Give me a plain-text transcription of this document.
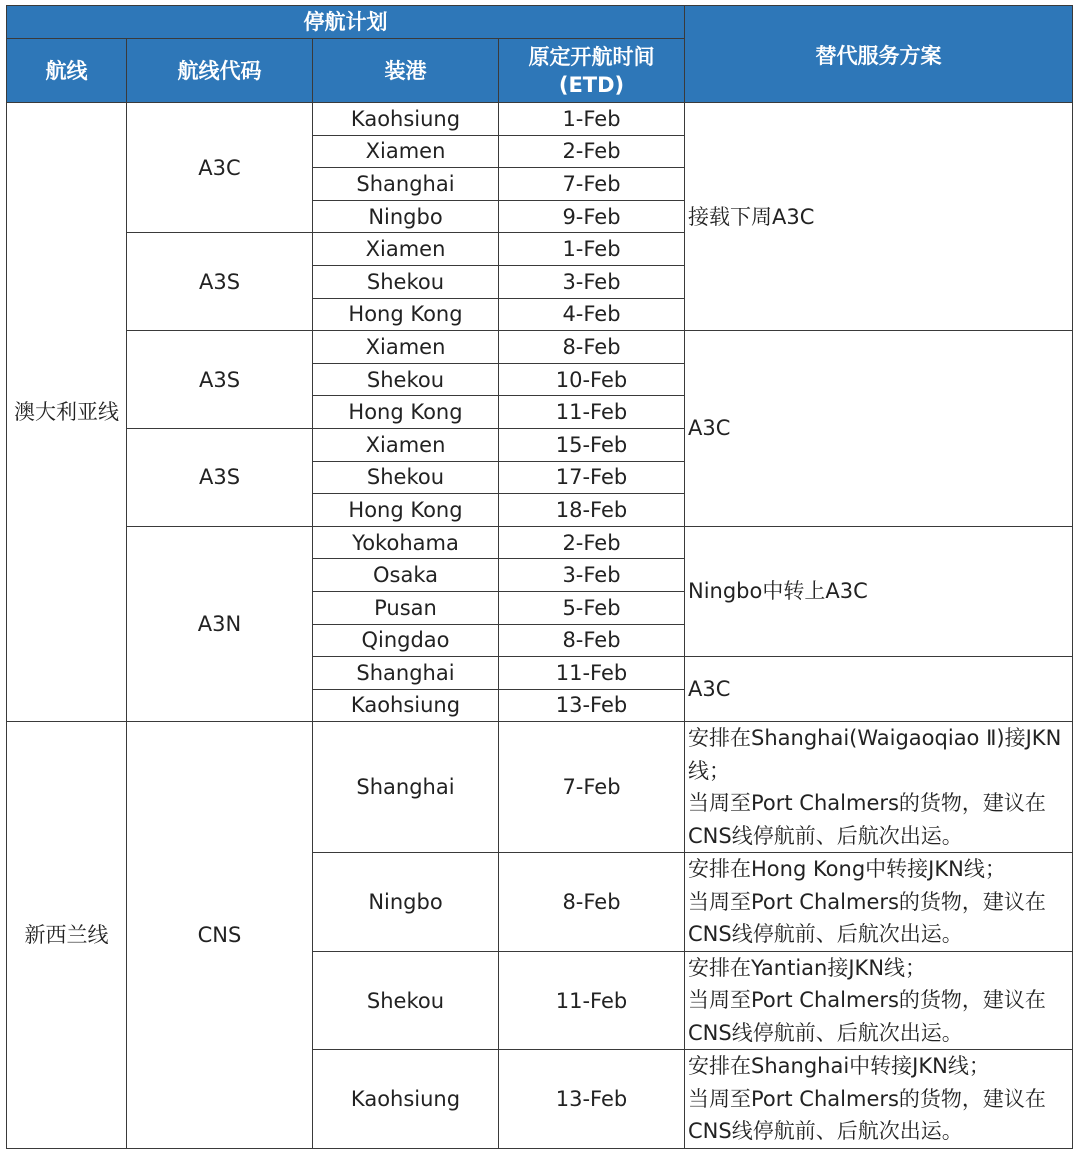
停航计划				替代服务方案
航线	航线代码	装港	原定开航时间
(ETD)	
澳大利亚线	A3C	Kaohsiung	1-Feb	接载下周A3C
		Xiamen	2-Feb	
		Shanghai	7-Feb	
		Ningbo	9-Feb	
	A3S	Xiamen	1-Feb	
		Shekou	3-Feb	
		Hong Kong	4-Feb	
	A3S	Xiamen	8-Feb	A3C
		Shekou	10-Feb	
		Hong Kong	11-Feb	
	A3S	Xiamen	15-Feb	
		Shekou	17-Feb	
		Hong Kong	18-Feb	
	A3N	Yokohama	2-Feb	Ningbo中转上A3C
		Osaka	3-Feb	
		Pusan	5-Feb	
		Qingdao	8-Feb	
		Shanghai	11-Feb	A3C
		Kaohsiung	13-Feb	
新西兰线	CNS	Shanghai	7-Feb	安排在Shanghai(Waigaoqiao Ⅱ)接JKN
线；
当周至Port Chalmers的货物，建议在
CNS线停航前、后航次出运。

		Ningbo	8-Feb	安排在Hong Kong中转接JKN线；
当周至Port Chalmers的货物，建议在
CNS线停航前、后航次出运。

		Shekou	11-Feb	安排在Yantian接JKN线；
当周至Port Chalmers的货物，建议在
CNS线停航前、后航次出运。

		Kaohsiung	13-Feb	安排在Shanghai中转接JKN线；
当周至Port Chalmers的货物，建议在
CNS线停航前、后航次出运。
